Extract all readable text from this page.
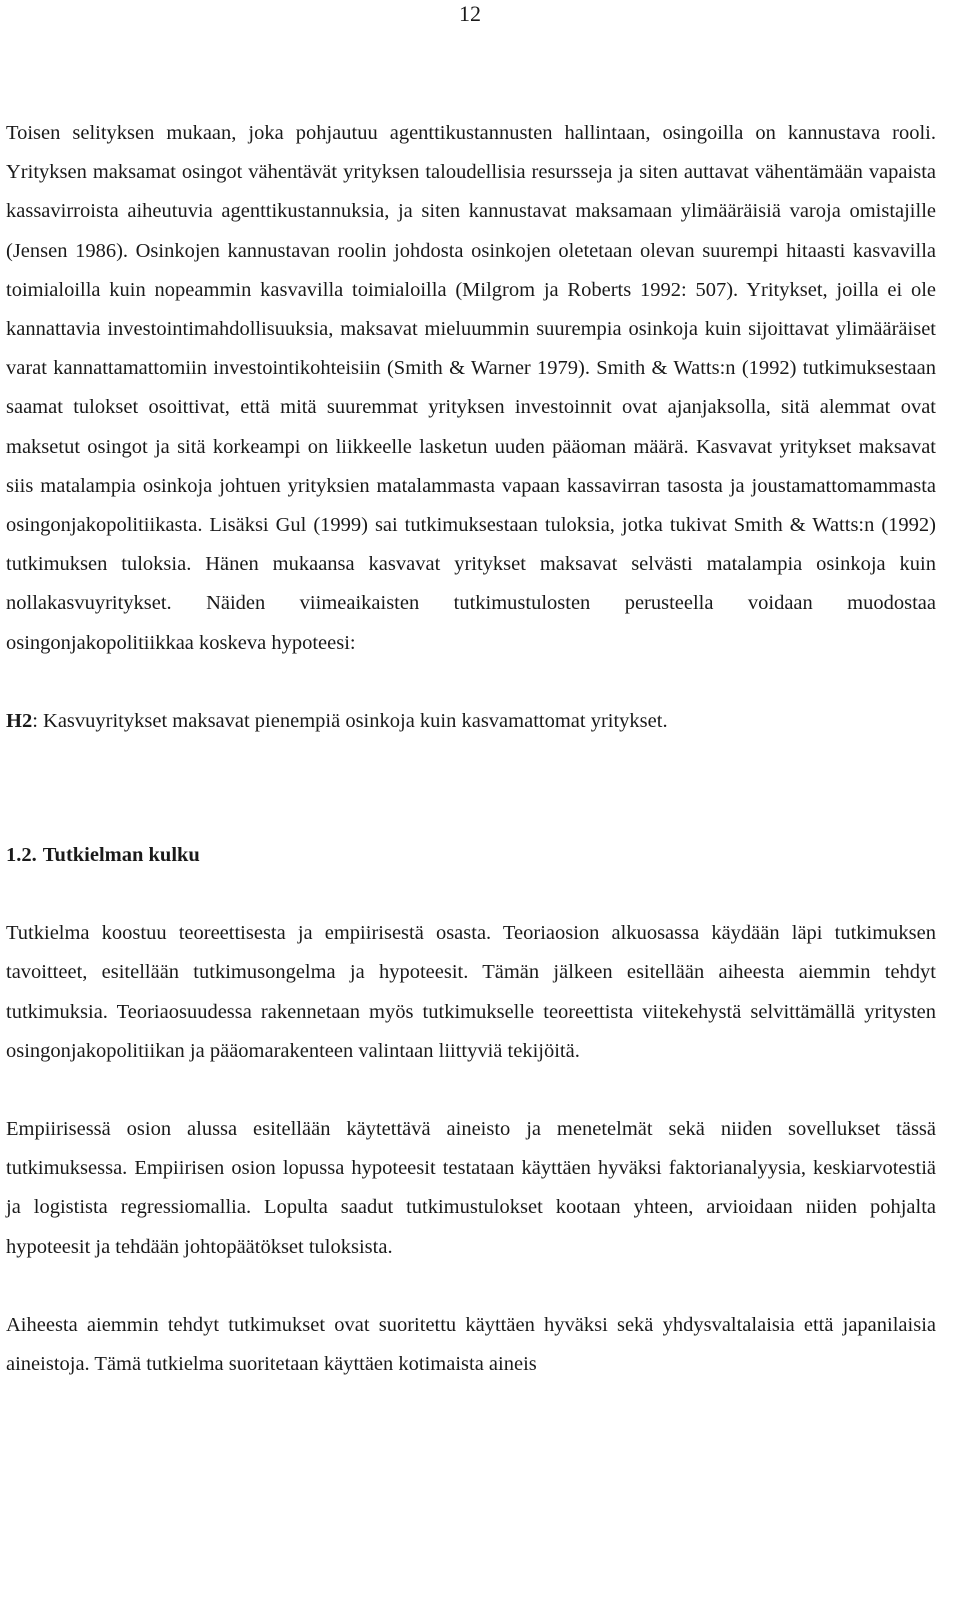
12

Toisen selityksen mukaan, joka pohjautuu agenttikustannusten hallintaan, osingoilla on kannustava rooli. Yrityksen maksamat osingot vähentävät yrityksen taloudellisia resursseja ja siten auttavat vähentämään vapaista kassavirroista aiheutuvia agenttikustannuksia, ja siten kannustavat maksamaan ylimääräisiä varoja omistajille (Jensen 1986). Osinkojen kannustavan roolin johdosta osinkojen oletetaan olevan suurempi hitaasti kasvavilla toimialoilla kuin nopeammin kasvavilla toimialoilla (Milgrom ja Roberts 1992: 507). Yritykset, joilla ei ole kannattavia investointimahdollisuuksia, maksavat mieluummin suurempia osinkoja kuin sijoittavat ylimääräiset varat kannattamattomiin investointikohteisiin (Smith & Warner 1979). Smith & Watts:n (1992) tutkimuksestaan saamat tulokset osoittivat, että mitä suuremmat yrityksen investoinnit ovat ajanjaksolla, sitä alemmat ovat maksetut osingot ja sitä korkeampi on liikkeelle lasketun uuden pääoman määrä. Kasvavat yritykset maksavat siis matalampia osinkoja johtuen yrityksien matalammasta vapaan kassavirran tasosta ja joustamattomammasta osingonjakopolitiikasta. Lisäksi Gul (1999) sai tutkimuksestaan tuloksia, jotka tukivat Smith & Watts:n (1992) tutkimuksen tuloksia. Hänen mukaansa kasvavat yritykset maksavat selvästi matalampia osinkoja kuin nollakasvuyritykset. Näiden viimeaikaisten tutkimustulosten perusteella voidaan muodostaa osingonjakopolitiikkaa koskeva hypoteesi:

H2: Kasvuyritykset maksavat pienempiä osinkoja kuin kasvamattomat yritykset.

1.2. Tutkielman kulku

Tutkielma koostuu teoreettisesta ja empiirisestä osasta. Teoriaosion alkuosassa käydään läpi tutkimuksen tavoitteet, esitellään tutkimusongelma ja hypoteesit. Tämän jälkeen esitellään aiheesta aiemmin tehdyt tutkimuksia. Teoriaosuudessa rakennetaan myös tutkimukselle teoreettista viitekehystä selvittämällä yritysten osingonjakopolitiikan ja pääomarakenteen valintaan liittyviä tekijöitä.

Empiirisessä osion alussa esitellään käytettävä aineisto ja menetelmät sekä niiden sovellukset tässä tutkimuksessa. Empiirisen osion lopussa hypoteesit testataan käyttäen hyväksi faktorianalyysia, keskiarvotestiä ja logistista regressiomallia. Lopulta saadut tutkimustulokset kootaan yhteen, arvioidaan niiden pohjalta hypoteesit ja tehdään johtopäätökset tuloksista.

Aiheesta aiemmin tehdyt tutkimukset ovat suoritettu käyttäen hyväksi sekä yhdysvaltalaisia että japanilaisia aineistoja. Tämä tutkielma suoritetaan käyttäen kotimaista aineis
